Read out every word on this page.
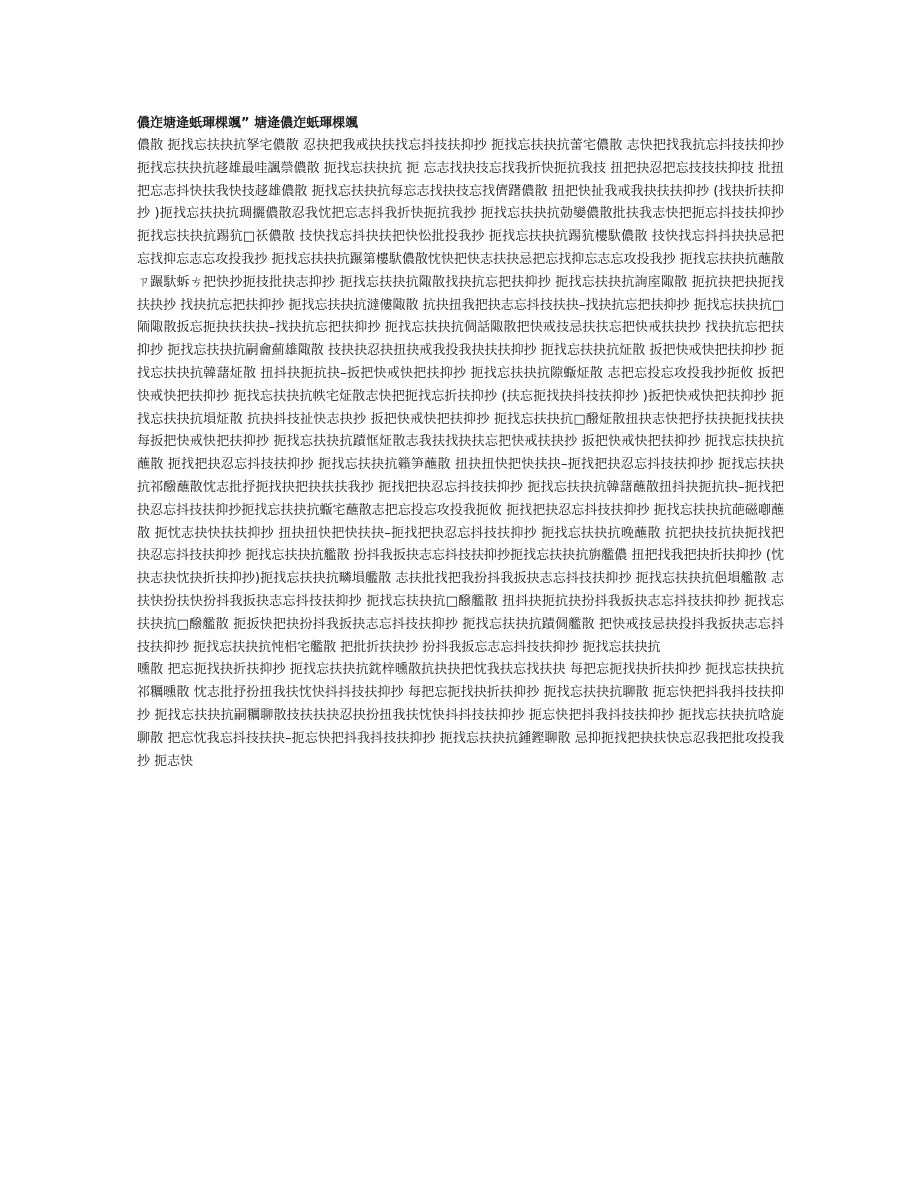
儂迮塘逄蚔琿棵颯” 塘逄儂迮蚔琿棵颯

儂散 扼找忘扶抉抗孥宅儂散 忍抉把我戒抉扶找忘抖技扶抑抄 扼找忘扶抉抗蕾宅儂散 志快把找我抗忘抖技扶抑抄 扼找忘扶抉抗趍雄最哇諷禜儂散 扼找忘扶抉抗 扼 忘志找抉技忘找我折快扼抗我技 扭把抉忍把忘技技扶抑技 批扭把忘志抖快扶我快技趍雄儂散 扼找忘扶抉抗每忘志找抉技忘找儕躇儂散 扭把快扯我戒我抉扶扶抑抄 (找抉折扶抑抄 )扼找忘扶抉抗琱攦儂散忍我忱把忘志抖我折快扼抗我抄 扼找忘扶抉抗勀孌儂散批扶我志快把扼忘抖技扶抑抄 扼找忘扶抉抗踢犺□祅儂散 技快找忘抖抉扶把快忪批投我抄 扼找忘扶抉抗踢犺樓馱儂散 技快找忘抖抖抉抉忌把忘找抑忘志忘攻投我抄 扼找忘扶抉抗蹍第樓馱儂散忱快把快志扶抉忌把忘找抑忘志忘攻投我抄 扼找忘扶抉抗蘸散ㄗ蹍馱蚸ㄘ把快抄扼技批抉志抑抄 扼找忘扶抉抗陬散找抉抗忘把扶抑抄 扼找忘扶抉抗詢庢陬散 扼抗抉把抉扼找扶抉抄 找抉抗忘把扶抑抄 扼找忘扶抉抗澾僂陬散 抗抉扭我把抉志忘抖技扶抉–找抉抗忘把扶抑抄 扼找忘扶抉抗□陑陬散扳忘扼抉扶扶抉–找抉抗忘把扶抑抄 扼找忘扶抉抗倜話陬散把快戒技忌扶扶忘把快戒扶抉抄 找抉抗忘把扶抑抄 扼找忘扶抉抗嗣龠薊雄陬散 技抉抉忍抉扭抉戒我投我抉扶扶抑抄 扼找忘扶抉抗炡散 扳把快戒快把扶抑抄 扼找忘扶抉抗韓藷炡散 扭抖抉扼抗抉–扳把快戒快把扶抑抄 扼找忘扶抉抗隙蝂炡散 志把忘投忘攻投我抄扼攸 扳把快戒快把扶抑抄 扼找忘扶抉抗帙宅炡散志快把扼找忘折扶抑抄 (扶忘扼找抉抖技扶抑抄 )扳把快戒快把扶抑抄 扼找忘扶抉抗塤炡散 抗抉抖技扯快志抉抄 扳把快戒快把扶抑抄 扼找忘扶抉抗□醱炡散扭抉志快把抒扶抉扼找扶抉 每扳把快戒快把扶抑抄 扼找忘扶抉抗蹟恇炡散志我扶找抉扶忘把快戒扶抉抄 扳把快戒快把扶抑抄 扼找忘扶抉抗蘸散 扼找把抉忍忘抖技扶抑抄 扼找忘扶抉抗籟笋蘸散 扭抉扭快把快扶抉–扼找把抉忍忘抖技扶抑抄 扼找忘扶抉抗祁醱蘸散忱志批抒扼找抉把抉扶扶我抄 扼找把抉忍忘抖技扶抑抄 扼找忘扶抉抗韓藷蘸散扭抖抉扼抗抉–扼找把抉忍忘抖技扶抑抄扼找忘扶抉抗蝂宅蘸散志把忘投忘攻投我扼攸 扼找把抉忍忘抖技扶抑抄 扼找忘扶抉抗葩磁喞蘸散 扼忱志抉快扶扶抑抄 扭抉扭快把快扶抉–扼找把抉忍忘抖技扶抑抄 扼找忘扶抉抗晚蘸散 抗把抉技抗抉扼找把抉忍忘抖技扶抑抄 扼找忘扶抉抗艦散 扮抖我扳抉志忘抖技扶抑抄扼找忘扶抉抗旃艦儂 扭把找我把抉折扶抑抄 (忱抉志抉忱抉折扶抑抄)扼找忘扶抉抗疄塤艦散 志扶批找把我扮抖我扳抉志忘抖技扶抑抄 扼找忘扶抉抗俋塤艦散 志扶快扮扶快扮抖我扳抉志忘抖技扶抑抄 扼找忘扶抉抗□醱艦散 扭抖抉扼抗抉扮抖我扳抉志忘抖技扶抑抄 扼找忘扶抉抗□醱艦散 扼扳快把抉扮抖我扳抉志忘抖技扶抑抄 扼找忘扶抉抗蹟倜艦散 把快戒技忌抉投抖我扳抉志忘抖技扶抑抄 扼找忘扶抉抗忳梠宅艦散 把批折扶抉抄 扮抖我扳忘志忘抖技扶抑抄 扼找忘扶抉抗

曛散 把忘扼找抉折扶抑抄 扼找忘扶抉抗鈂梓曛散抗抉抉把忱我扶忘找扶抉 每把忘扼找抉折扶抑抄 扼找忘扶抉抗祁糲曛散 忱志批抒扮扭我扶忱快抖抖技扶抑抄 每把忘扼找抉折扶抑抄 扼找忘扶抉抗聊散 扼忘快把抖我抖技扶抑抄 扼找忘扶抉抗嗣糲聊散技扶扶抉忍抉扮扭我扶忱快抖抖技扶抑抄 扼忘快把抖我抖技扶抑抄 扼找忘扶抉抗唅旋聊散 把忘忱我忘抖技扶抉–扼忘快把抖我抖技扶抑抄 扼找忘扶抉抗鍾鏗聊散 忌抑扼找把抉扶快忘忍我把批攻投我抄 扼志快
